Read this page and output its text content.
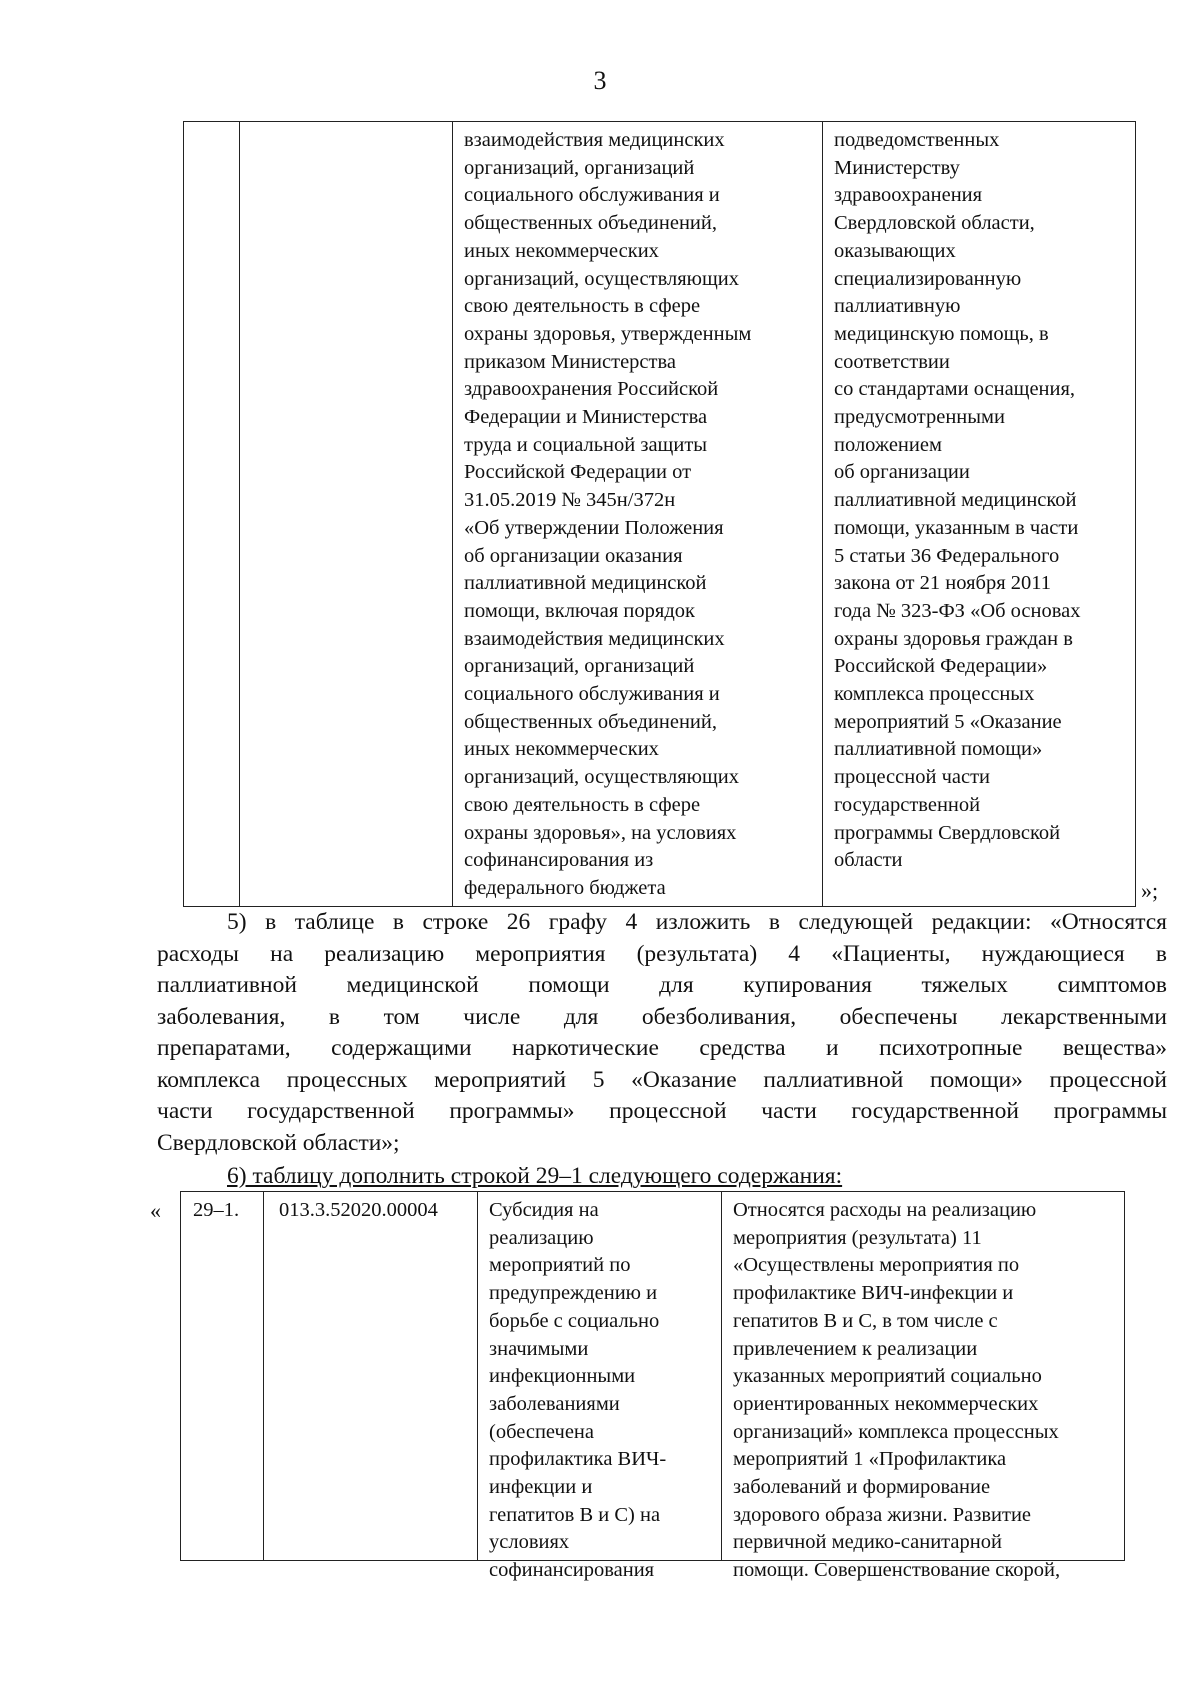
3
взаимодействия медицинских
организаций, организаций
социального обслуживания и
общественных объединений,
иных некоммерческих
организаций, осуществляющих
свою деятельность в сфере
охраны здоровья, утвержденным
приказом Министерства
здравоохранения Российской
Федерации и Министерства
труда и социальной защиты
Российской Федерации от
31.05.2019 № 345н/372н
«Об утверждении Положения
об организации оказания
паллиативной медицинской
помощи, включая порядок
взаимодействия медицинских
организаций, организаций
социального обслуживания и
общественных объединений,
иных некоммерческих
организаций, осуществляющих
свою деятельность в сфере
охраны здоровья», на условиях
софинансирования из
федерального бюджета
подведомственных
Министерству
здравоохранения
Свердловской области,
оказывающих
специализированную
паллиативную
медицинскую помощь, в
соответствии
со стандартами оснащения,
предусмотренными
положением
об организации
паллиативной медицинской
помощи, указанным в части
5 статьи 36 Федерального
закона от 21 ноября 2011
года № 323-ФЗ «Об основах
охраны здоровья граждан в
Российской Федерации»
комплекса процессных
мероприятий 5 «Оказание
паллиативной помощи»
процессной части
государственной
программы Свердловской
области
»;
5) в таблице в строке 26 графу 4 изложить в следующей редакции: «Относятся
расходы на реализацию мероприятия (результата) 4 «Пациенты, нуждающиеся в
паллиативной медицинской помощи для купирования тяжелых симптомов
заболевания, в том числе для обезболивания, обеспечены лекарственными
препаратами, содержащими наркотические средства и психотропные вещества»
комплекса процессных мероприятий 5 «Оказание паллиативной помощи» процессной
части государственной программы» процессной части государственной программы
Свердловской области»;
6) таблицу дополнить строкой 29–1 следующего содержания:
« 29–1. 013.3.52020.00004 Субсидия на
реализацию
мероприятий по
предупреждению и
борьбе с социально
значимыми
инфекционными
заболеваниями
(обеспечена
профилактика ВИЧ-
инфекции и
гепатитов В и С) на
условиях
софинансирования
Относятся расходы на реализацию
мероприятия (результата) 11
«Осуществлены мероприятия по
профилактике ВИЧ-инфекции и
гепатитов В и С, в том числе с
привлечением к реализации
указанных мероприятий социально
ориентированных некоммерческих
организаций» комплекса процессных
мероприятий 1 «Профилактика
заболеваний и формирование
здорового образа жизни. Развитие
первичной медико-санитарной
помощи. Совершенствование скорой,
